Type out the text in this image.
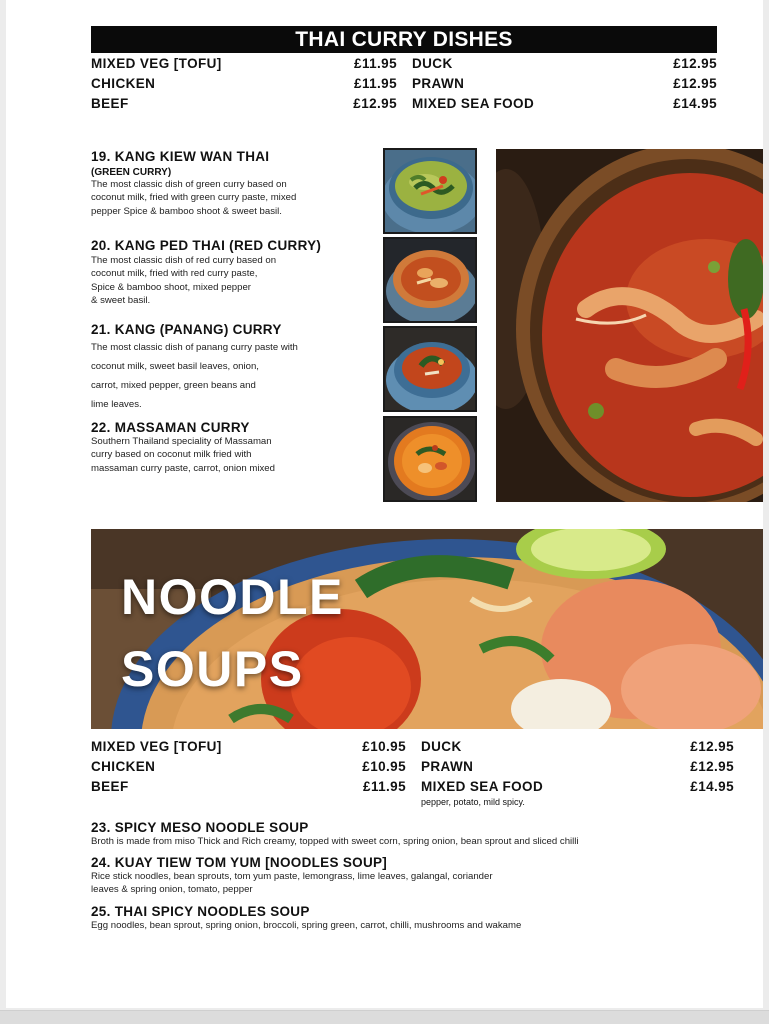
THAI CURRY DISHES
MIXED VEG [TOFU]	£11.95
CHICKEN	£11.95
BEEF	£12.95
DUCK	£12.95
PRAWN	£12.95
MIXED SEA FOOD	£14.95
19. KANG KIEW WAN THAI
(GREEN CURRY)
The most classic dish of green curry based on
coconut milk, fried with green curry paste, mixed
pepper Spice & bamboo shoot & sweet basil.
20. KANG PED THAI (RED CURRY)
The most classic dish of red curry based on
coconut milk, fried with red curry paste,
Spice & bamboo shoot, mixed pepper
& sweet basil.
21. KANG (PANANG) CURRY
The most classic dish of panang curry paste with
coconut milk, sweet basil leaves, onion,
carrot, mixed pepper, green beans and
lime leaves.
22. MASSAMAN CURRY
Southern Thailand speciality of Massaman
curry based on coconut milk fried with
massaman curry paste, carrot, onion mixed
NOODLE
SOUPS
MIXED VEG [TOFU]	£10.95
CHICKEN	£10.95
BEEF	£11.95
DUCK	£12.95
PRAWN	£12.95
MIXED SEA FOOD	£14.95
pepper, potato, mild spicy.
23. SPICY MESO NOODLE SOUP
Broth is made from miso Thick and Rich creamy, topped with sweet corn, spring onion, bean sprout and sliced chilli
24. KUAY TIEW TOM YUM [NOODLES SOUP]
Rice stick noodles, bean sprouts, tom yum paste, lemongrass, lime leaves, galangal, coriander
leaves & spring onion, tomato, pepper
25. THAI SPICY NOODLES SOUP
Egg noodles, bean sprout, spring onion, broccoli, spring green, carrot, chilli, mushrooms and wakame
